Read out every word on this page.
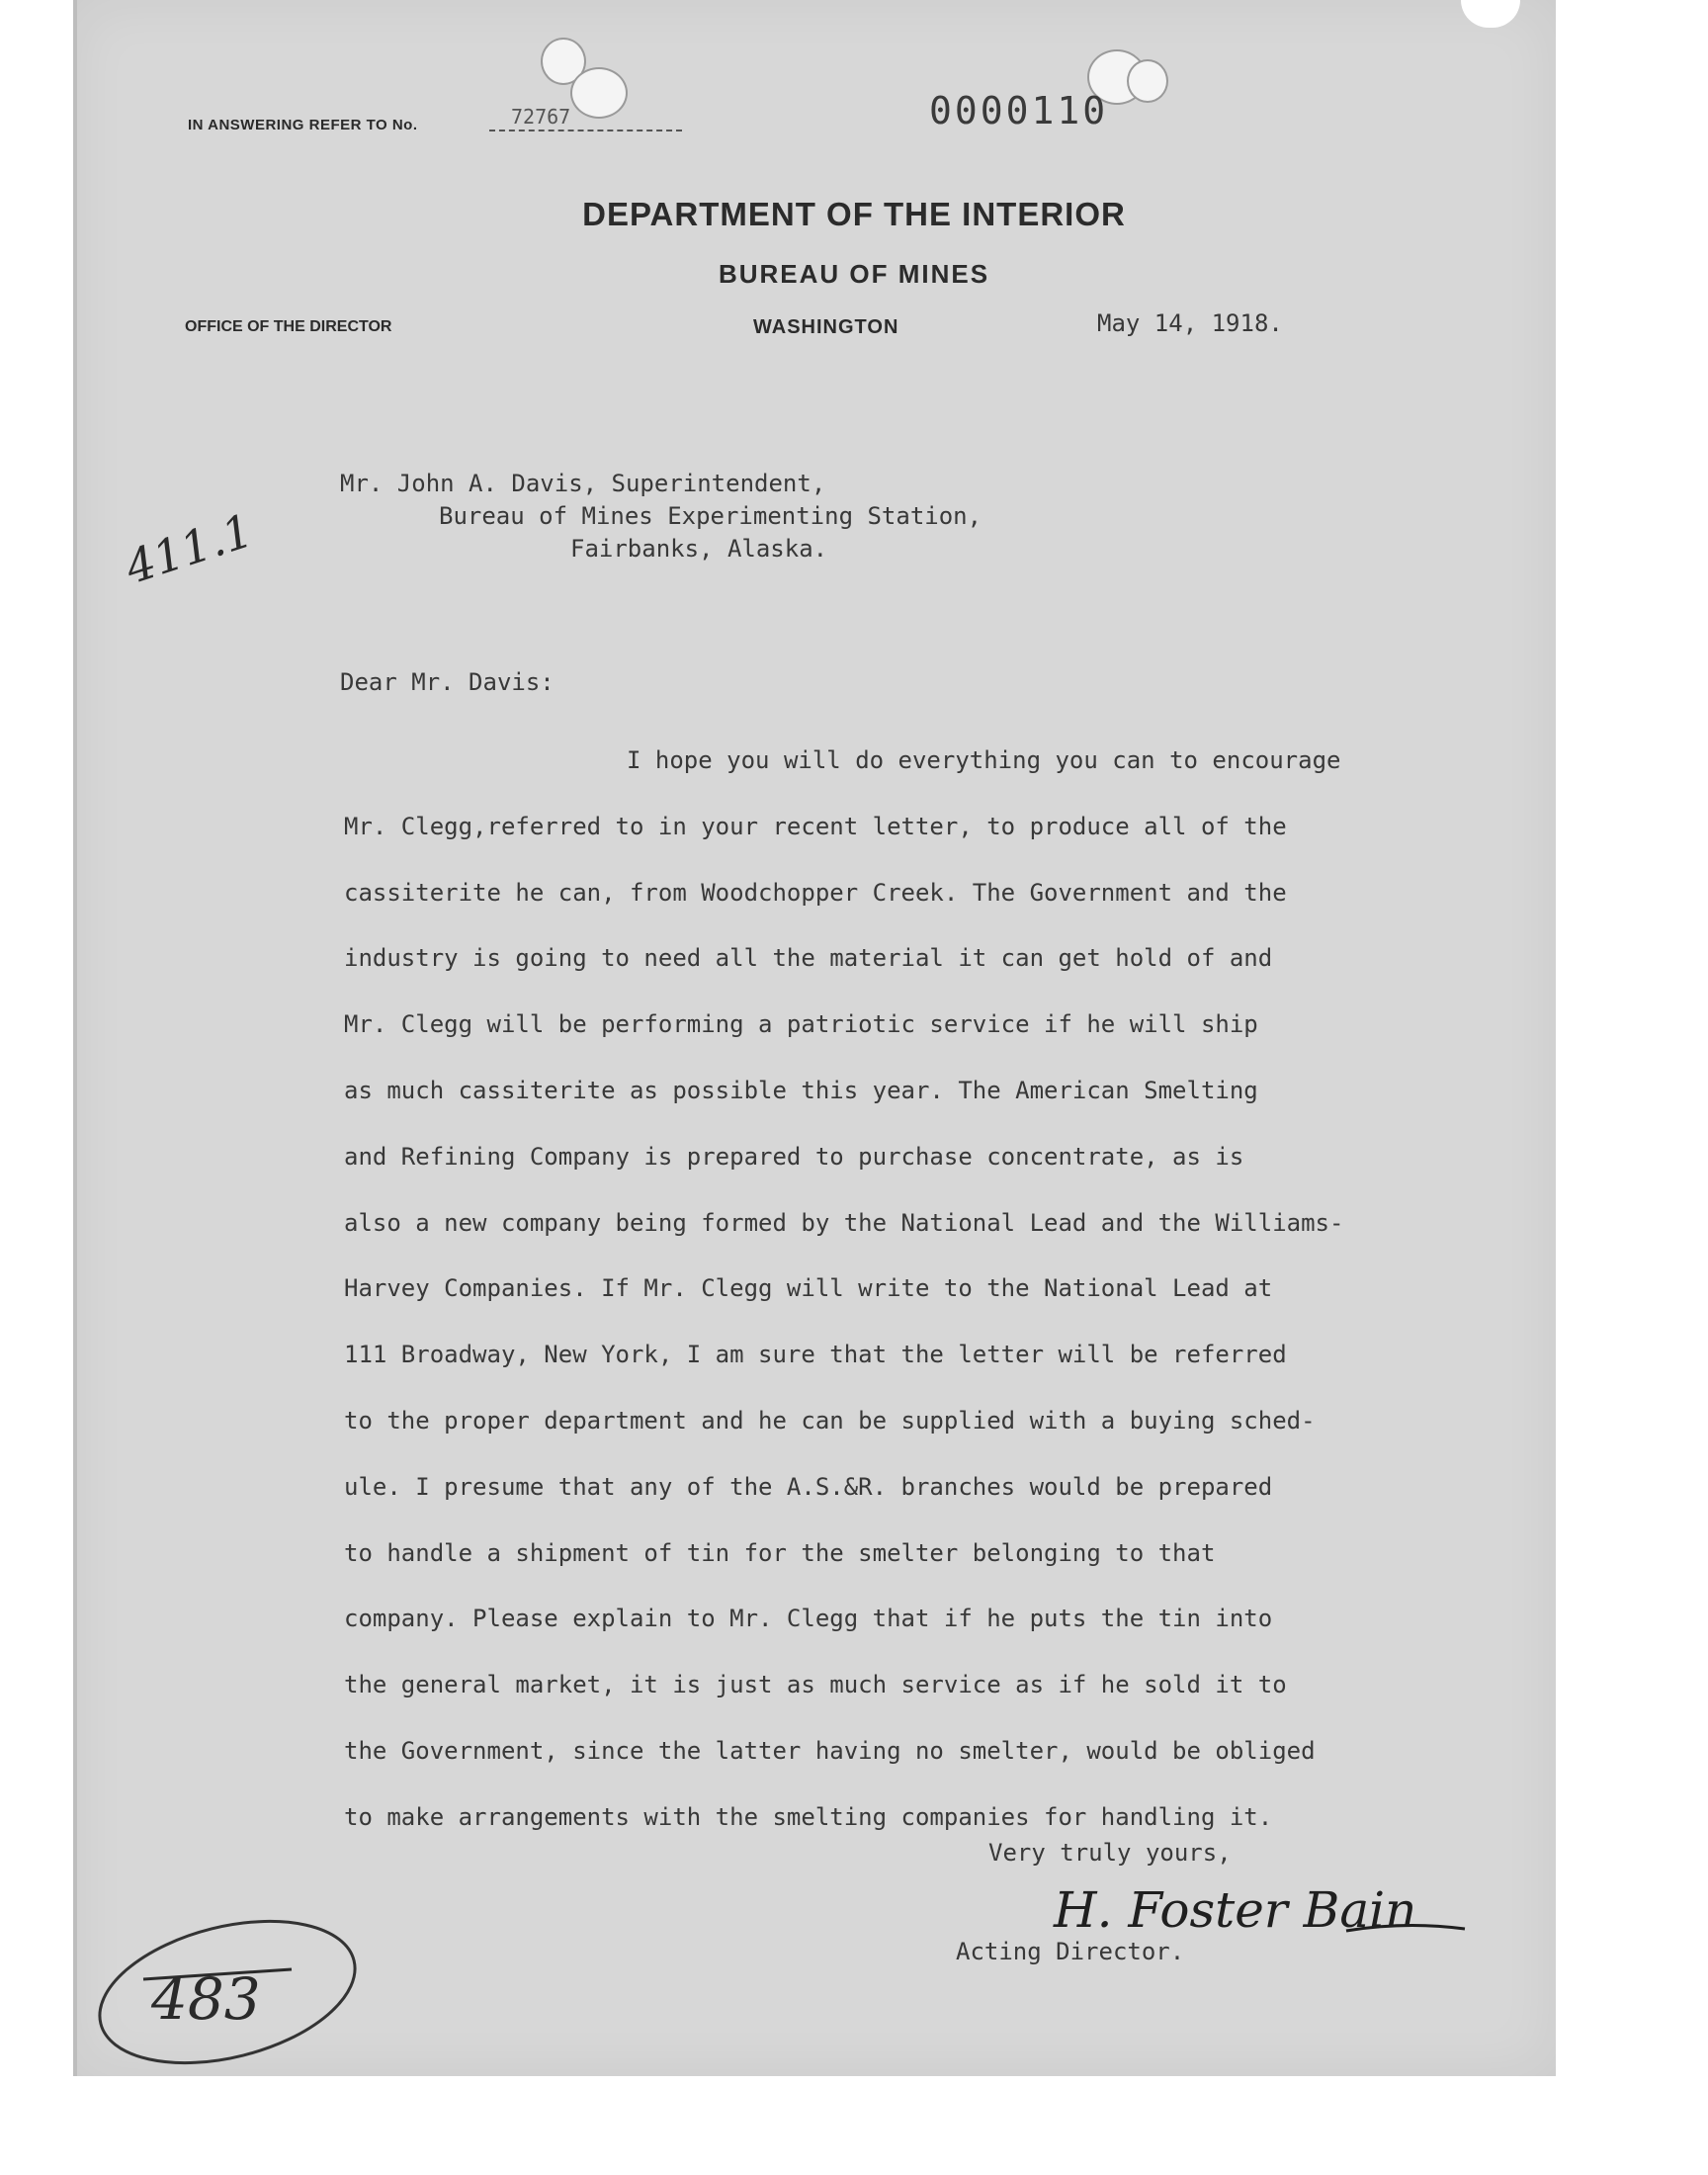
IN ANSWERING REFER TO No.	72767	0000110
DEPARTMENT OF THE INTERIOR
BUREAU OF MINES
OFFICE OF THE DIRECTOR	WASHINGTON	May 14, 1918.
411.1
Mr. John A. Davis, Superintendent,
Bureau of Mines Experimenting Station,
Fairbanks, Alaska.
Dear Mr. Davis:
I hope you will do everything you can to encourage
Mr. Clegg,referred to in your recent letter, to produce all of the
cassiterite he can, from Woodchopper Creek. The Government and the
industry is going to need all the material it can get hold of and
Mr. Clegg will be performing a patriotic service if he will ship
as much cassiterite as possible this year. The American Smelting
and Refining Company is prepared to purchase concentrate, as is
also a new company being formed by the National Lead and the Williams-
Harvey Companies. If Mr. Clegg will write to the National Lead at
111 Broadway, New York, I am sure that the letter will be referred
to the proper department and he can be supplied with a buying sched-
ule. I presume that any of the A.S.&R. branches would be prepared
to handle a shipment of tin for the smelter belonging to that
company. Please explain to Mr. Clegg that if he puts the tin into
the general market, it is just as much service as if he sold it to
the Government, since the latter having no smelter, would be obliged
to make arrangements with the smelting companies for handling it.
Very truly yours,
H. Foster Bain
Acting Director.
483
